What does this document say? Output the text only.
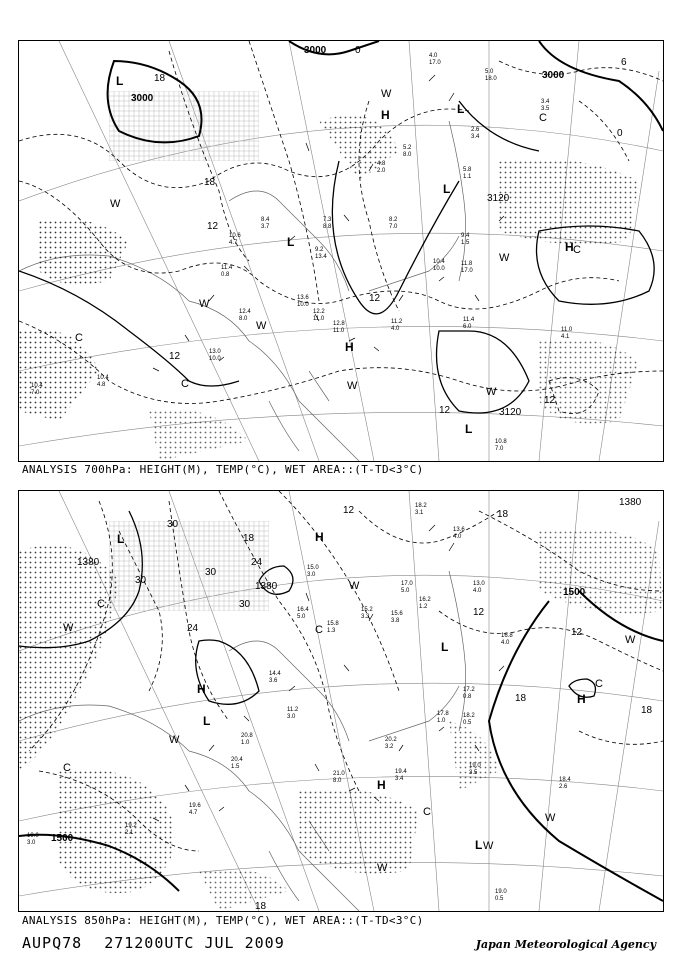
3000
3000
3000
3120
3120
0
6
0
18
12
12
12
12
12
18
L
L
L
L
L
H
H
H
W
W
W
W
W
W	W
C
C
C
C
4.0 17.0
5.0 18.0
3.4 3.5
5.2 8.0
4.8 2.0
8.2 7.0
7.3 8.8
8.4 3.7
9.2 13.4
10.6 4.7
11.4 0.8
12.4 8.0
12.2 11.0
12.8 11.0
11.2 4.0
11.4 6.0	11.0 4.1
13.0 10.0
10.4 7.0
10.4 4.8
10.8 7.0
11.8 17.0
10.4 10.0
5.8 1.1
9.4 1.5
2.6 3.4
13.6 10.0
ANALYSIS 700hPa: HEIGHT(M), TEMP(°C), WET AREA::(T-TD<3°C)
1380
1380
1380
1500
1500
30
30
30
30
24
24
18
18
18
12
12
12
18
18
L
L
L
L
H
H
H
H
W
W
W
W
W
W
W
C
C
C
C
C
18.2 3.1
13.6 4.0
17.0 5.0
16.2 1.2
15.6 3.8
13.0 4.0
16.8 4.0
15.2 3.3
17.8 1.0
18.2 0.5
17.2 0.8
20.2 3.2
21.0 8.0
19.4 3.4
19.0 3.5
18.4 2.6
19.0 0.5
20.4 1.5
19.6 4.7
19.2 2.1
19.0 3.0
20.8 1.0
15.0 3.0
16.4 5.0
14.4 3.6
15.8 1.3
11.2 3.0
ANALYSIS 850hPa: HEIGHT(M), TEMP(°C), WET AREA::(T-TD<3°C)
AUPQ78 271200UTC JUL 2009	Japan Meteorological Agency
